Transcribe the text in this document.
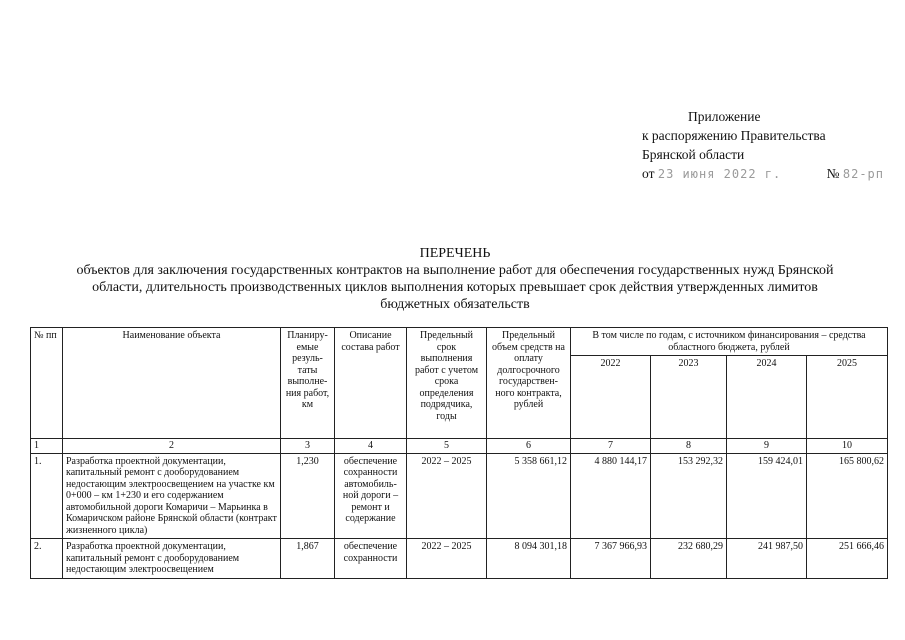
Приложение
к распоряжению Правительства
Брянской области
от 23 июня 2022 г.	№ 82-рп
ПЕРЕЧЕНЬ
объектов для заключения государственных контрактов на выполнение работ для обеспечения государственных нужд Брянской
области, длительность производственных циклов выполнения которых превышает срок действия утвержденных лимитов
бюджетных обязательств
№ пп	Наименование объекта	Планиру-емые резуль-таты выполне-ния работ, км	Описание состава работ	Предельный срок выполнения работ с учетом срока определения подрядчика, годы	Предельный объем средств на оплату долгосрочного государствен-ного контракта, рублей	В том числе по годам, с источником финансирования – средства областного бюджета, рублей			
						2022	2023	2024	2025
1	2	3	4	5	6	7	8	9	10
1.	Разработка проектной документации, капитальный ремонт с дооборудованием недостающим электроосвещением на участке км 0+000 – км 1+230 и его содержанием автомобильной дороги Комаричи – Марьинка в Комаричском районе Брянской области (контракт жизненного цикла)	1,230	обеспечение сохранности автомобиль-ной дороги – ремонт и содержание	2022 – 2025	5 358 661,12	4 880 144,17	153 292,32	159 424,01	165 800,62
2.	Разработка проектной документации, капитальный ремонт с дооборудованием недостающим электроосвещением	1,867	обеспечение сохранности	2022 – 2025	8 094 301,18	7 367 966,93	232 680,29	241 987,50	251 666,46
